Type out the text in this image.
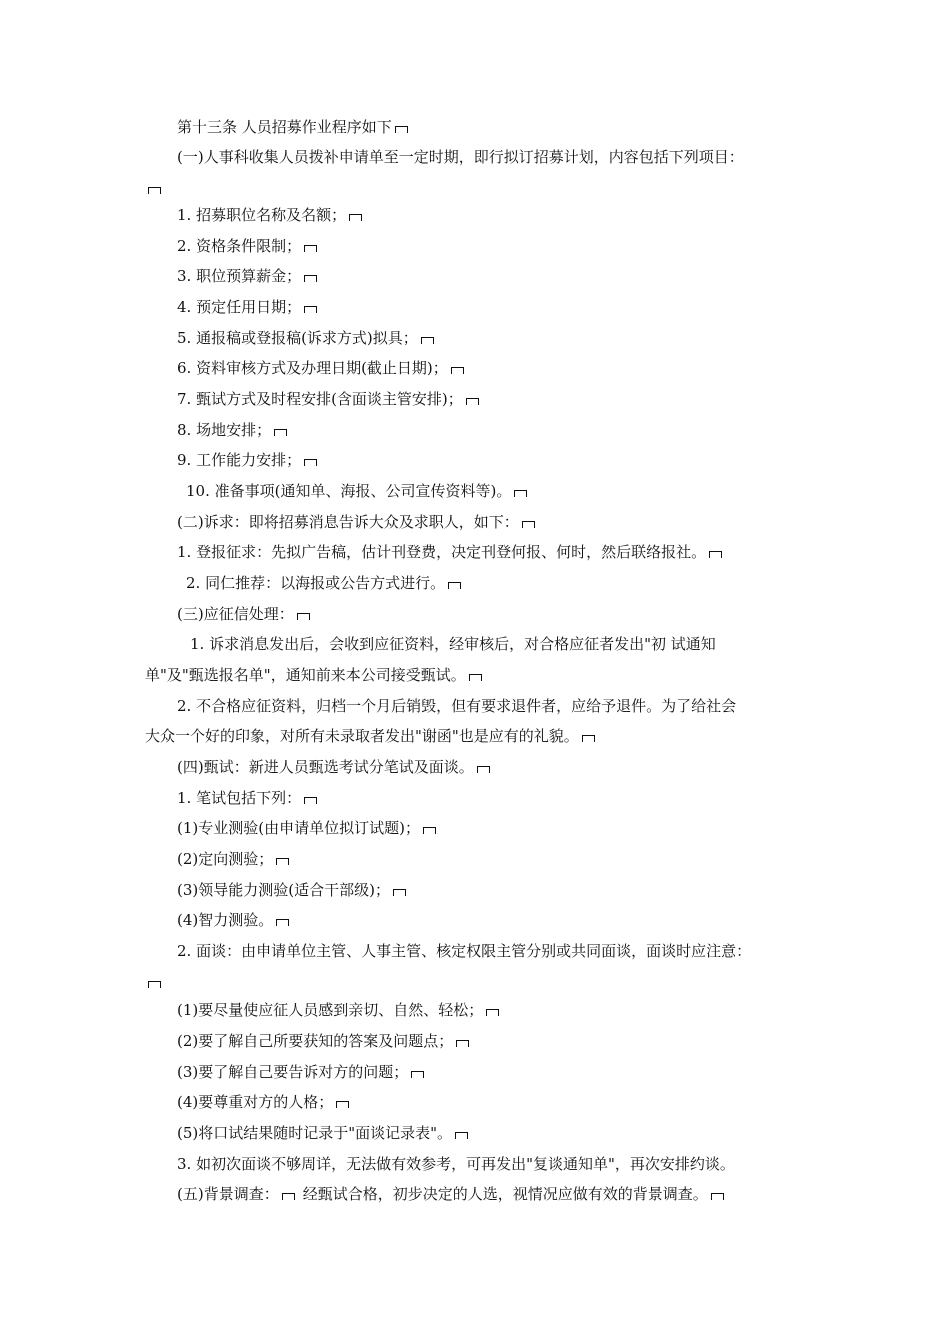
第十三条 人员招募作业程序如下
(一)人事科收集人员拨补申请单至一定时期，即行拟订招募计划，内容包括下列项目：
1. 招募职位名称及名额；
2. 资格条件限制；
3. 职位预算薪金；
4. 预定任用日期；
5. 通报稿或登报稿(诉求方式)拟具；
6. 资料审核方式及办理日期(截止日期)；
7. 甄试方式及时程安排(含面谈主管安排)；
8. 场地安排；
9. 工作能力安排；
10. 准备事项(通知单、海报、公司宣传资料等)。
(二)诉求：即将招募消息告诉大众及求职人，如下：
1. 登报征求：先拟广告稿，估计刊登费，决定刊登何报、何时，然后联络报社。
2. 同仁推荐：以海报或公告方式进行。
(三)应征信处理：
1. 诉求消息发出后，会收到应征资料，经审核后，对合格应征者发出"初 试通知
单"及"甄选报名单"，通知前来本公司接受甄试。
2. 不合格应征资料，归档一个月后销毁，但有要求退件者，应给予退件。为了给社会
大众一个好的印象，对所有未录取者发出"谢函"也是应有的礼貌。
(四)甄试：新进人员甄选考试分笔试及面谈。
1. 笔试包括下列：
(1)专业测验(由申请单位拟订试题)；
(2)定向测验；
(3)领导能力测验(适合干部级)；
(4)智力测验。
2. 面谈：由申请单位主管、人事主管、核定权限主管分别或共同面谈，面谈时应注意：
(1)要尽量使应征人员感到亲切、自然、轻松；
(2)要了解自己所要获知的答案及问题点；
(3)要了解自己要告诉对方的问题；
(4)要尊重对方的人格；
(5)将口试结果随时记录于"面谈记录表"。
3. 如初次面谈不够周详，无法做有效参考，可再发出"复谈通知单"，再次安排约谈。
(五)背景调查： 经甄试合格，初步决定的人选，视情况应做有效的背景调查。
